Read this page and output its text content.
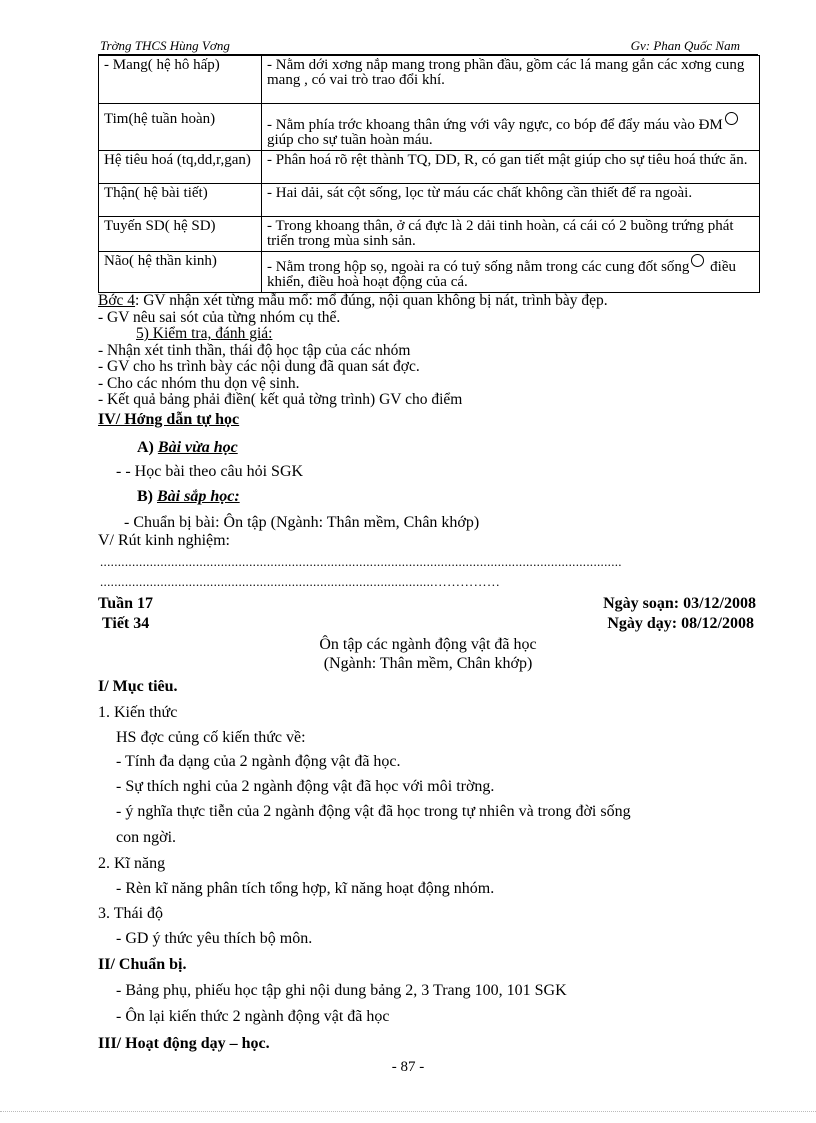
Trờng THCS Hùng Vơng	Gv: Phan Quốc Nam
- Mang( hệ hô hấp)	- Nằm dới xơng nắp mang trong phần đầu, gồm các lá mang gắn các xơng cung mang , có vai trò trao đổi khí.
Tim(hệ tuần hoàn)	- Nằm phía trớc khoang thân ứng với vây ngực, co bóp để đẩy máu vào ĐM giúp cho sự tuần hoàn máu.
Hệ tiêu hoá (tq,dd,r,gan)	- Phân hoá rõ rệt thành TQ, DD, R, có gan tiết mật giúp cho sự tiêu hoá thức ăn.
Thận( hệ bài tiết)	- Hai dải, sát cột sống, lọc từ máu các chất không cần thiết để ra ngoài.
Tuyến SD( hệ SD)	- Trong khoang thân, ở cá đực là 2 dải tinh hoàn, cá cái có 2 buồng trứng phát triển trong mùa sinh sản.
Não( hệ thần kinh)	- Nằm trong hộp sọ, ngoài ra có tuỷ sống nằm trong các cung đốt sống điều khiển, điều hoà hoạt động của cá.

Bớc 4: GV nhận xét từng mẫu mổ: mổ đúng, nội quan không bị nát, trình bày đẹp.

- GV nêu sai sót của từng nhóm cụ thể.

5) Kiểm tra, đánh giá:

- Nhận xét tinh thần, thái độ học tập của các nhóm

- GV cho hs trình bày các nội dung đã quan sát đợc.

- Cho các nhóm thu dọn vệ sinh.

- Kết quả bảng phải điền( kết quả tờng trình) GV cho điểm

IV/ Hớng dẫn tự học
A) Bài vừa học
- - Học bài theo câu hỏi SGK
B) Bài sắp học:
- Chuẩn bị bài: Ôn tập (Ngành: Thân mềm, Chân khớp)
V/ Rút kinh nghiệm:
...................................................................................................................................................
..............................................................................................……………
Tuần 17
Tiết 34
Ngày soạn: 03/12/2008
Ngày dạy: 08/12/2008
Ôn tập các ngành động vật đã học
(Ngành: Thân mềm, Chân khớp)
I/ Mục tiêu.
1. Kiến thức
HS đợc củng cố kiến thức về:
- Tính đa dạng của 2 ngành động vật đã học.
- Sự thích nghi của 2 ngành động vật đã học với môi trờng.
- ý nghĩa thực tiễn của 2 ngành động vật đã học trong tự nhiên và trong đời sống
con ngời.
2. Kĩ năng
- Rèn kĩ năng phân tích tổng hợp, kĩ năng hoạt động nhóm.
3. Thái độ
- GD ý thức yêu thích bộ môn.
II/ Chuẩn bị.
- Bảng phụ, phiếu học tập ghi nội dung bảng 2, 3 Trang 100, 101 SGK
- Ôn lại kiến thức 2 ngành động vật đã học
III/ Hoạt động dạy – học.
- 87 -
